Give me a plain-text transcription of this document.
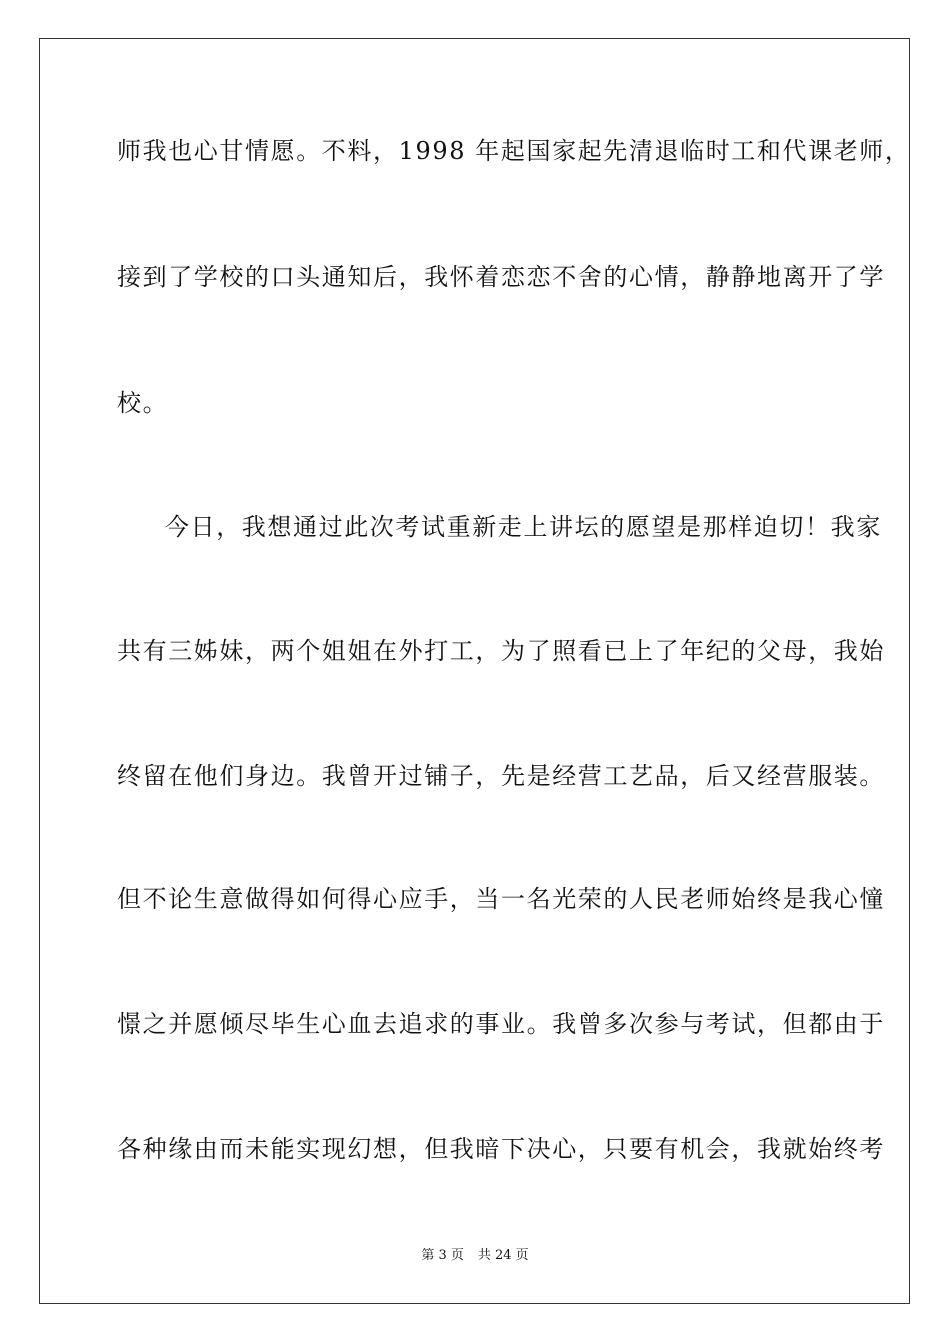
师我也心甘情愿。不料，1998 年起国家起先清退临时工和代课老师，

接到了学校的口头通知后，我怀着恋恋不舍的心情，静静地离开了学

校。

今日，我想通过此次考试重新走上讲坛的愿望是那样迫切！我家

共有三姊妹，两个姐姐在外打工，为了照看已上了年纪的父母，我始

终留在他们身边。我曾开过铺子，先是经营工艺品，后又经营服装。

但不论生意做得如何得心应手，当一名光荣的人民老师始终是我心憧

憬之并愿倾尽毕生心血去追求的事业。我曾多次参与考试，但都由于

各种缘由而未能实现幻想，但我暗下决心，只要有机会，我就始终考

第 3 页 共 24 页
